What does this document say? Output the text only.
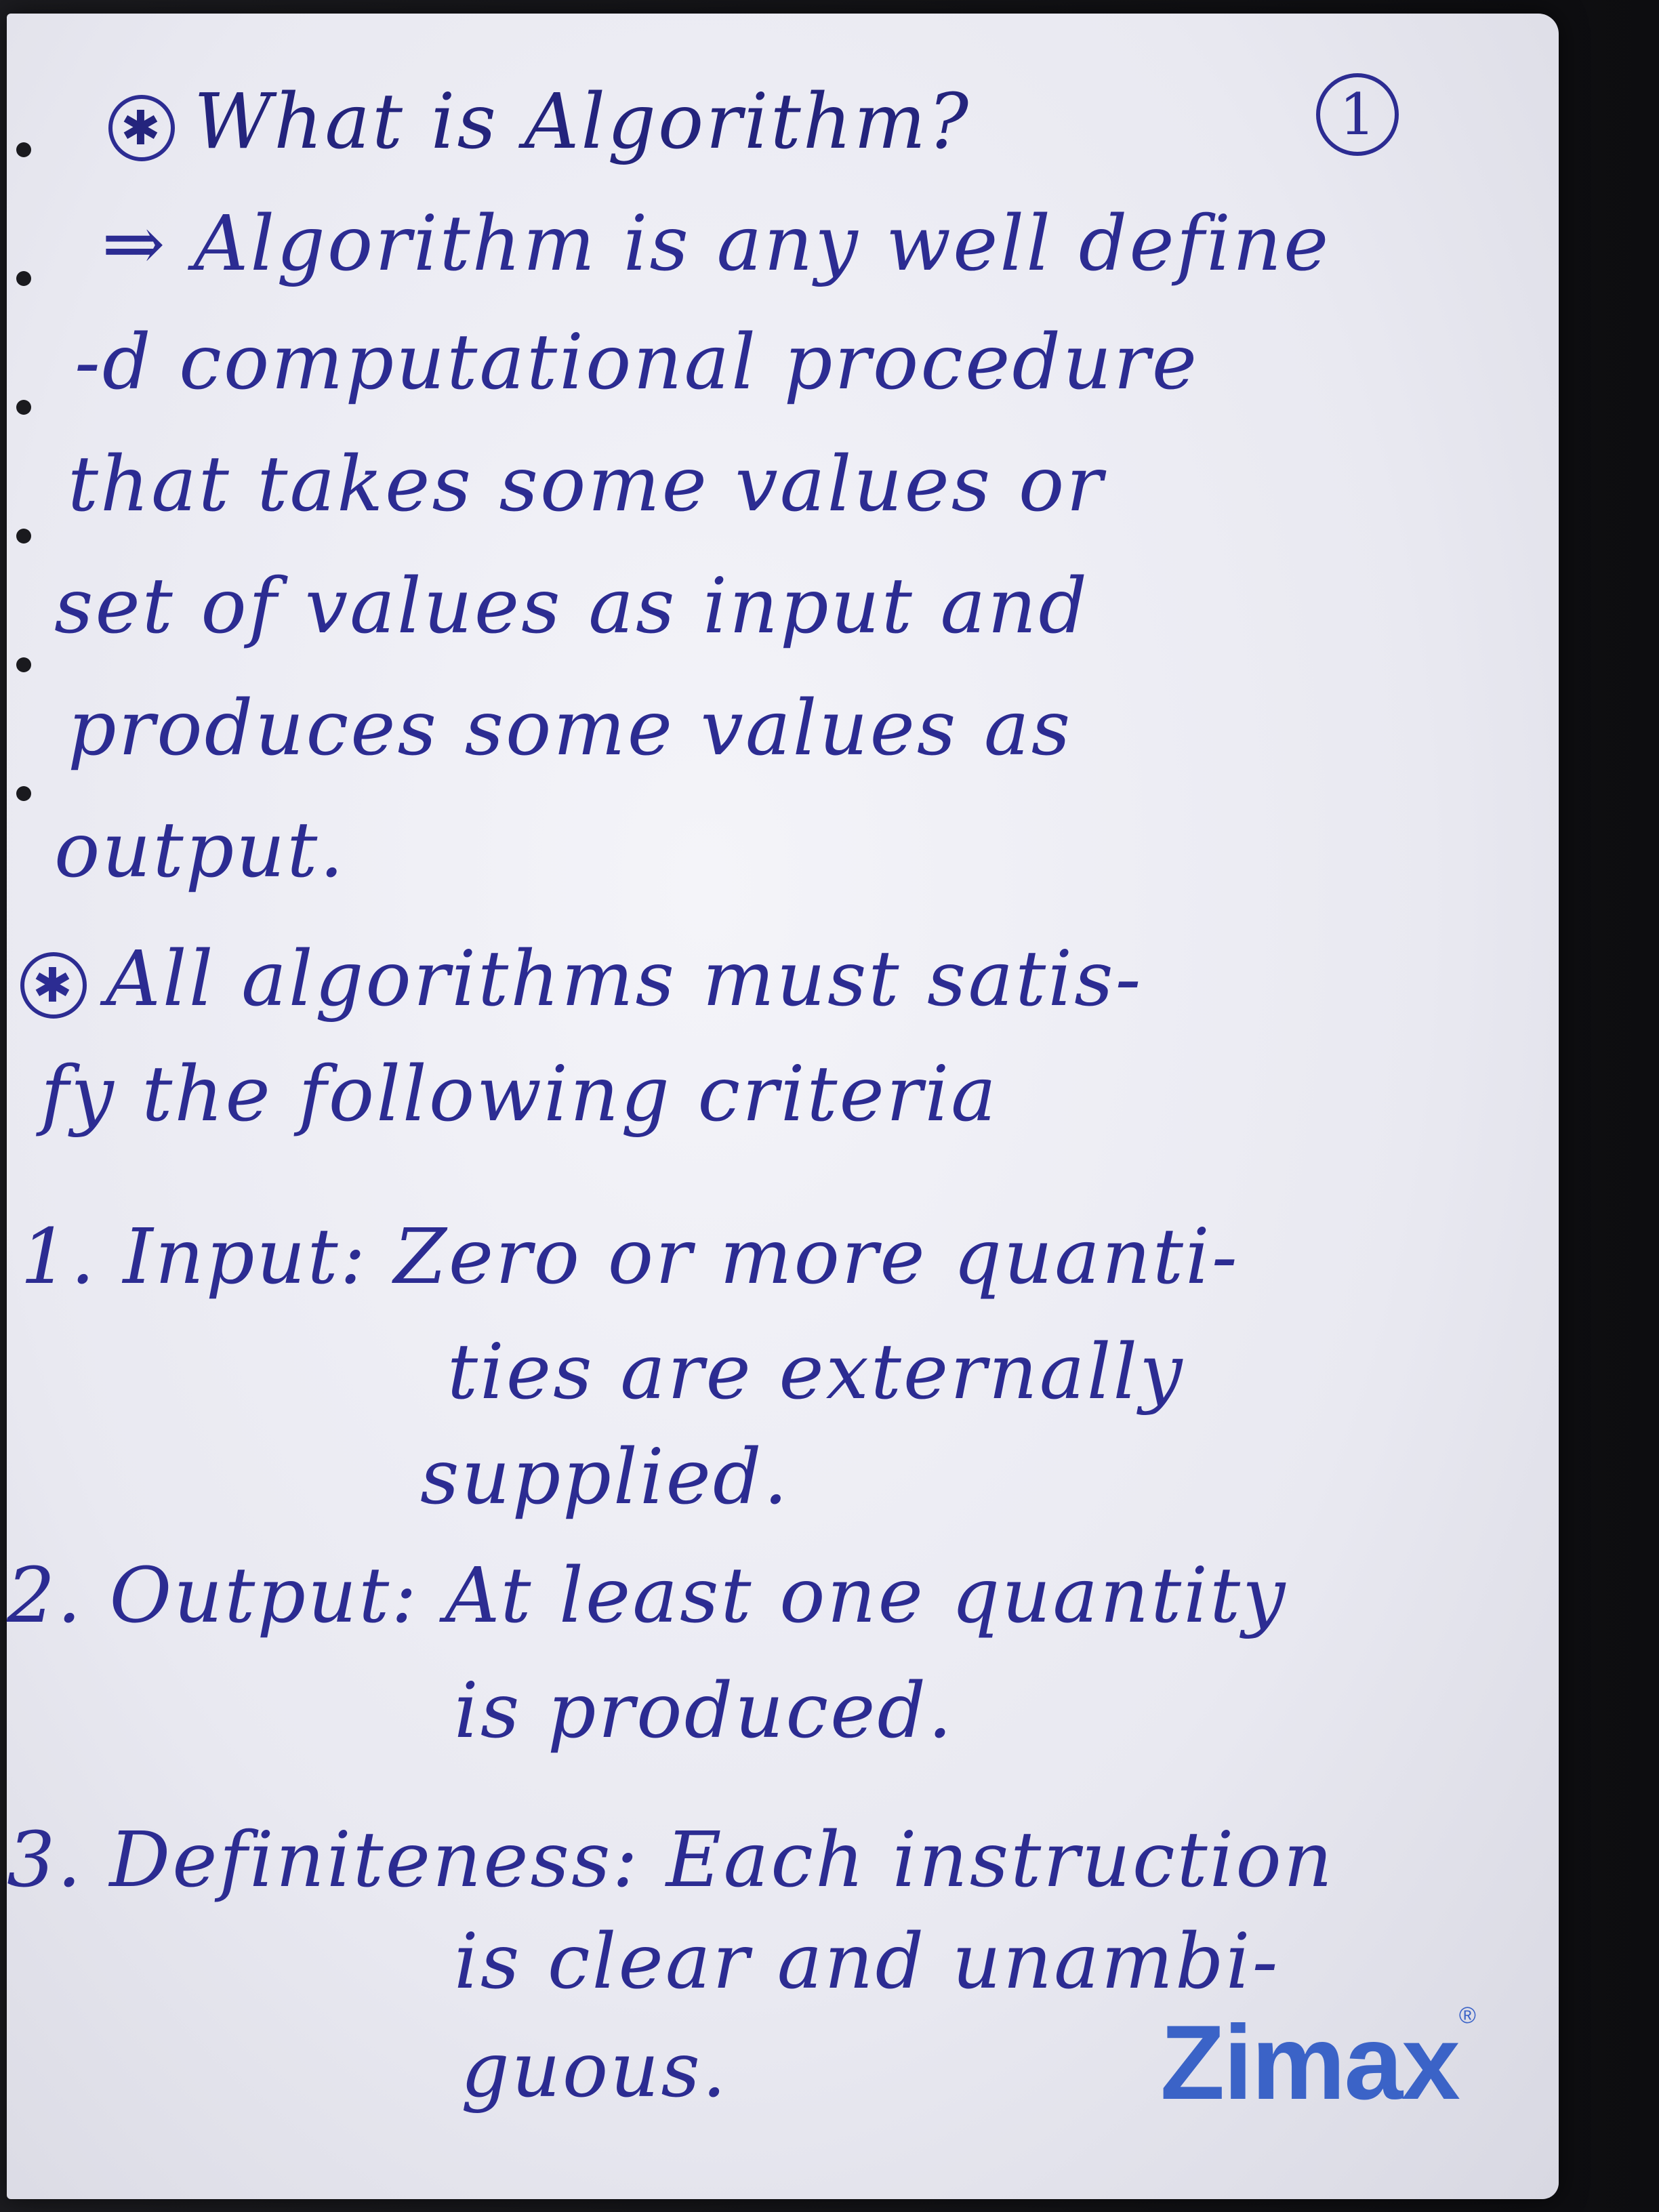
1
✱ What is Algorithm?
⇒ Algorithm is any well define
-d computational procedure
that takes some values or
set of values as input and
produces some values as
output.
✱ All algorithms must satis-
fy the following criteria
1. Input: Zero or more quanti-
ties are externally
supplied.
2. Output: At least one quantity
is produced.
3. Definiteness: Each instruction
is clear and unambi-
guous.	Zimax®
